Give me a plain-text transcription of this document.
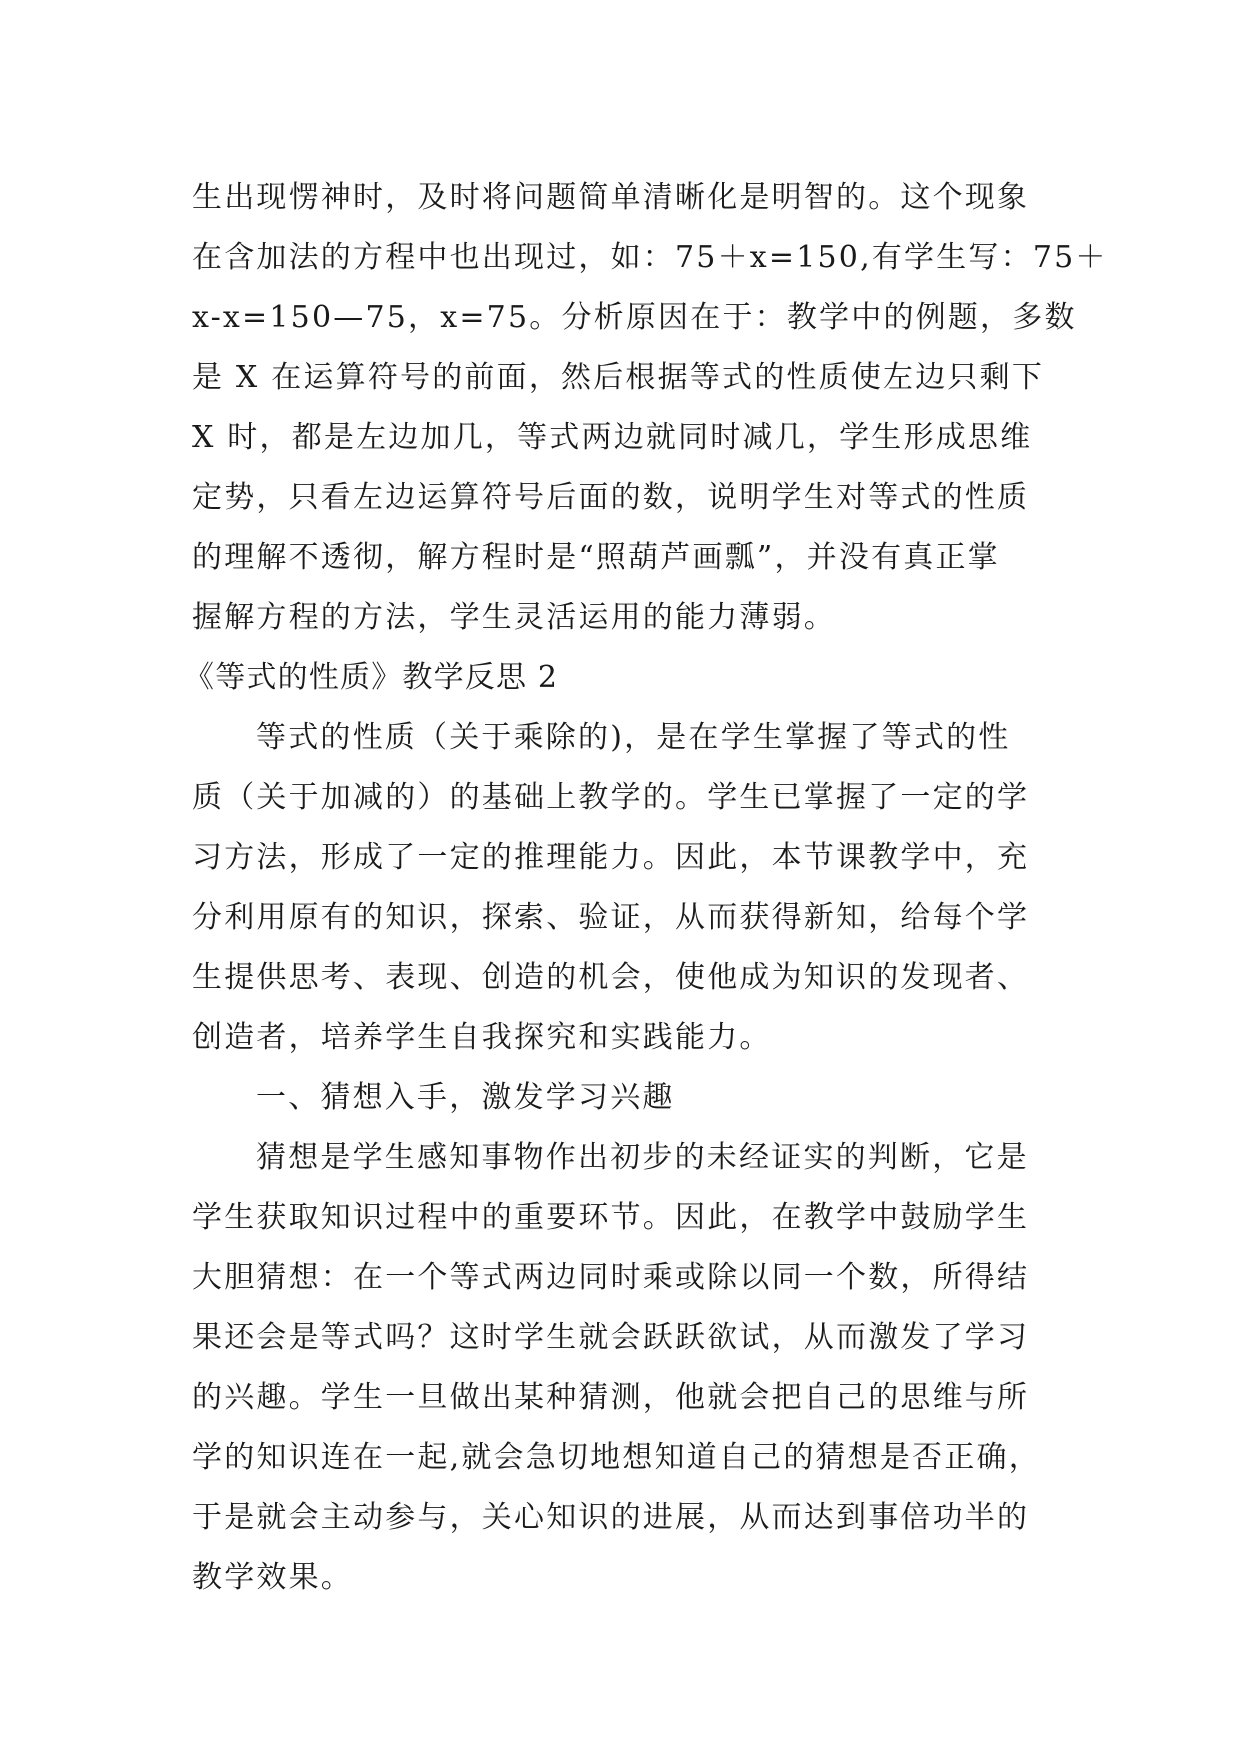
生出现愣神时，及时将问题简单清晰化是明智的。这个现象
在含加法的方程中也出现过，如：75＋x=150,有学生写：75＋
x-x=150—75，x=75。分析原因在于：教学中的例题，多数
是 X 在运算符号的前面，然后根据等式的性质使左边只剩下
X 时，都是左边加几，等式两边就同时减几，学生形成思维
定势，只看左边运算符号后面的数，说明学生对等式的性质
的理解不透彻，解方程时是“照葫芦画瓢”，并没有真正掌
握解方程的方法，学生灵活运用的能力薄弱。
《等式的性质》教学反思 2
等式的性质（关于乘除的)，是在学生掌握了等式的性
质（关于加减的）的基础上教学的。学生已掌握了一定的学
习方法，形成了一定的推理能力。因此，本节课教学中，充
分利用原有的知识，探索、验证，从而获得新知，给每个学
生提供思考、表现、创造的机会，使他成为知识的发现者、
创造者，培养学生自我探究和实践能力。
一、猜想入手，激发学习兴趣
猜想是学生感知事物作出初步的未经证实的判断，它是
学生获取知识过程中的重要环节。因此，在教学中鼓励学生
大胆猜想：在一个等式两边同时乘或除以同一个数，所得结
果还会是等式吗？这时学生就会跃跃欲试，从而激发了学习
的兴趣。学生一旦做出某种猜测，他就会把自己的思维与所
学的知识连在一起,就会急切地想知道自己的猜想是否正确，
于是就会主动参与，关心知识的进展，从而达到事倍功半的
教学效果。
